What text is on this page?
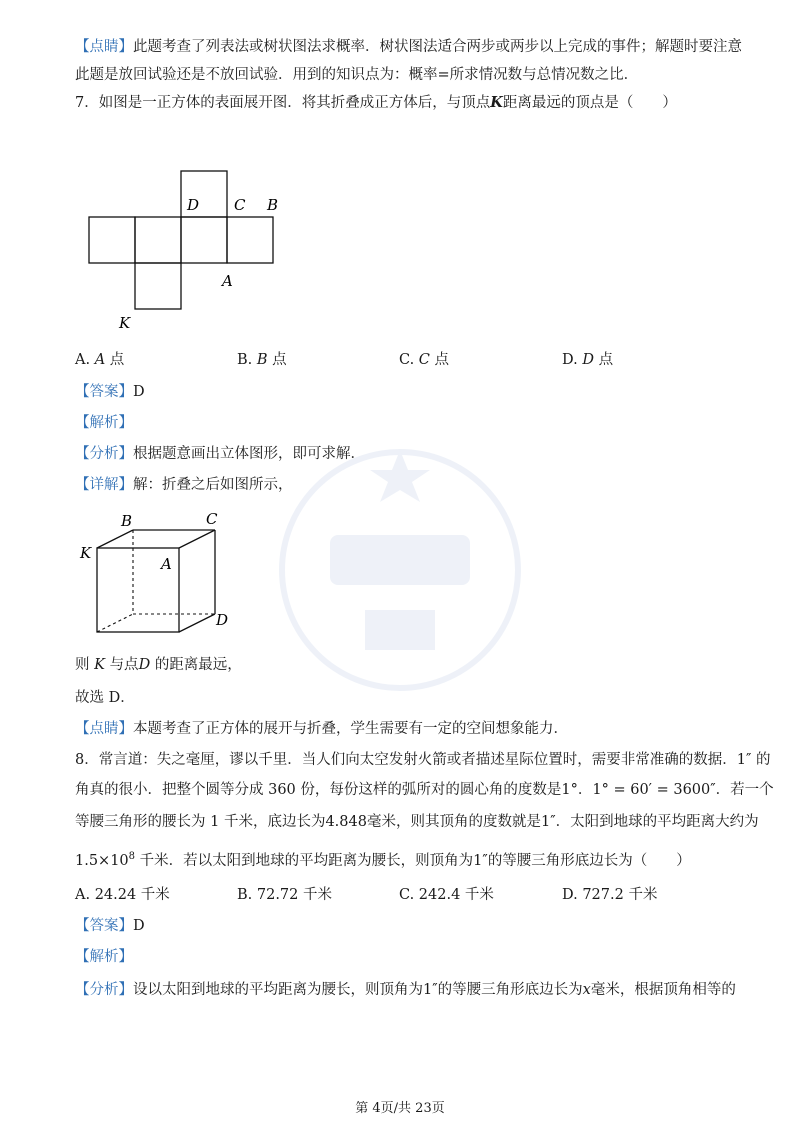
【点睛】此题考查了列表法或树状图法求概率．树状图法适合两步或两步以上完成的事件；解题时要注意
此题是放回试验还是不放回试验．用到的知识点为：概率=所求情况数与总情况数之比．
7．如图是一正方体的表面展开图．将其折叠成正方体后，与顶点K距离最远的顶点是（　　）
D C B
A
K
A. A 点	B. B 点	C. C 点	D. D 点
【答案】D
【解析】
【分析】根据题意画出立体图形，即可求解．
【详解】解：折叠之后如图所示，
B	C
K
A
D
则 K 与点D 的距离最远，
故选 D．
【点睛】本题考查了正方体的展开与折叠，学生需要有一定的空间想象能力．
8．常言道：失之毫厘，谬以千里．当人们向太空发射火箭或者描述星际位置时，需要非常准确的数据．1″ 的
角真的很小．把整个圆等分成 360 份，每份这样的弧所对的圆心角的度数是1°．1° = 60′ = 3600″．若一个
等腰三角形的腰长为 1 千米，底边长为4.848毫米，则其顶角的度数就是1″．太阳到地球的平均距离大约为
$1.5\times 10^8$ 千米．若以太阳到地球的平均距离为腰长，则顶角为1″的等腰三角形底边长为（　　）
A. 24.24 千米	B. 72.72 千米	C. 242.4 千米	D. 727.2 千米
【答案】D
【解析】
【分析】设以太阳到地球的平均距离为腰长，则顶角为1″的等腰三角形底边长为x毫米，根据顶角相等的
第 4页/共 23页
